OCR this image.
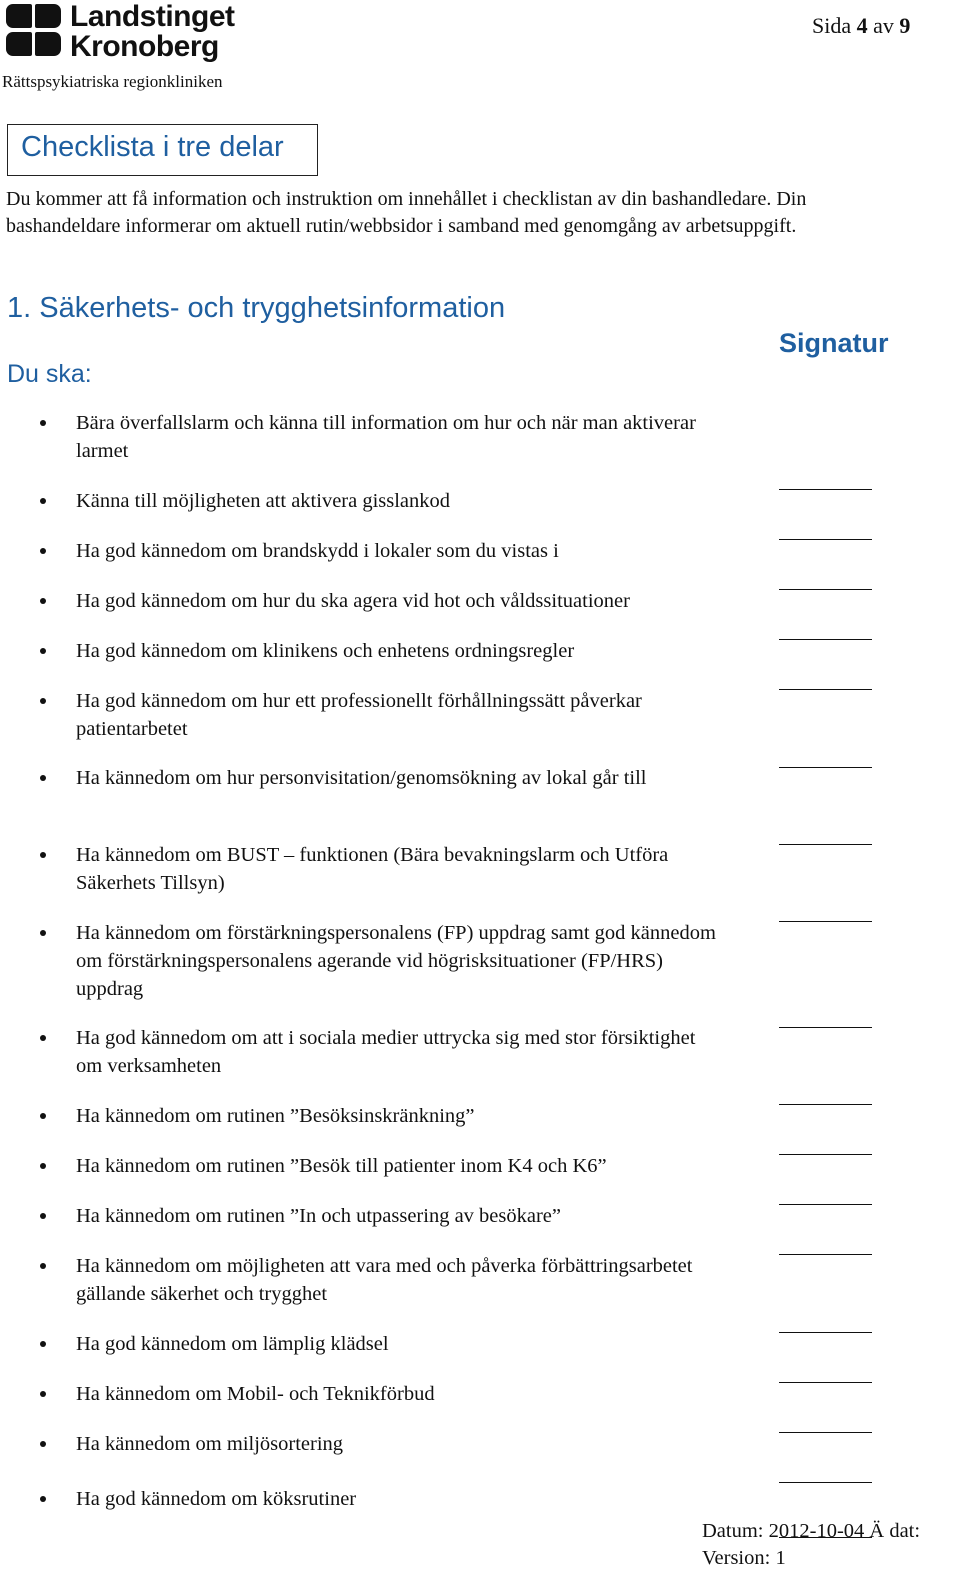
Landstinget
Kronoberg
Rättspsykiatriska regionkliniken
Sida 4 av 9
Checklista i tre delar
Du kommer att få information och instruktion om innehållet i checklistan av din bashandledare. Din bashandeldare informerar om aktuell rutin/webbsidor i samband med genomgång av arbetsuppgift.
1. Säkerhets- och trygghetsinformation
Du ska:
Signatur
Bära överfallslarm och känna till information om hur och när man aktiverar larmet
Känna till möjligheten att aktivera gisslankod
Ha god kännedom om brandskydd i lokaler som du vistas i
Ha god kännedom om hur du ska agera vid hot och våldssituationer
Ha god kännedom om klinikens och enhetens ordningsregler
Ha god kännedom om hur ett professionellt förhållningssätt påverkar patientarbetet
Ha kännedom om hur personvisitation/genomsökning av lokal går till
Ha kännedom om BUST – funktionen (Bära bevakningslarm och Utföra Säkerhets Tillsyn)
Ha kännedom om förstärkningspersonalens (FP) uppdrag samt god kännedom om förstärkningspersonalens agerande vid högrisksituationer (FP/HRS) uppdrag
Ha god kännedom om att i sociala medier uttrycka sig med stor försiktighet om verksamheten
Ha kännedom om rutinen ”Besöksinskränkning”
Ha kännedom om rutinen ”Besök till patienter inom K4 och K6”
Ha kännedom om rutinen ”In och utpassering av besökare”
Ha kännedom om möjligheten att vara med och påverka förbättringsarbetet gällande säkerhet och trygghet
Ha god kännedom om lämplig klädsel
Ha kännedom om Mobil- och Teknikförbud
Ha kännedom om miljösortering
Ha god kännedom om köksrutiner
Datum: 2012-10-04 Ä dat:
Version: 1
